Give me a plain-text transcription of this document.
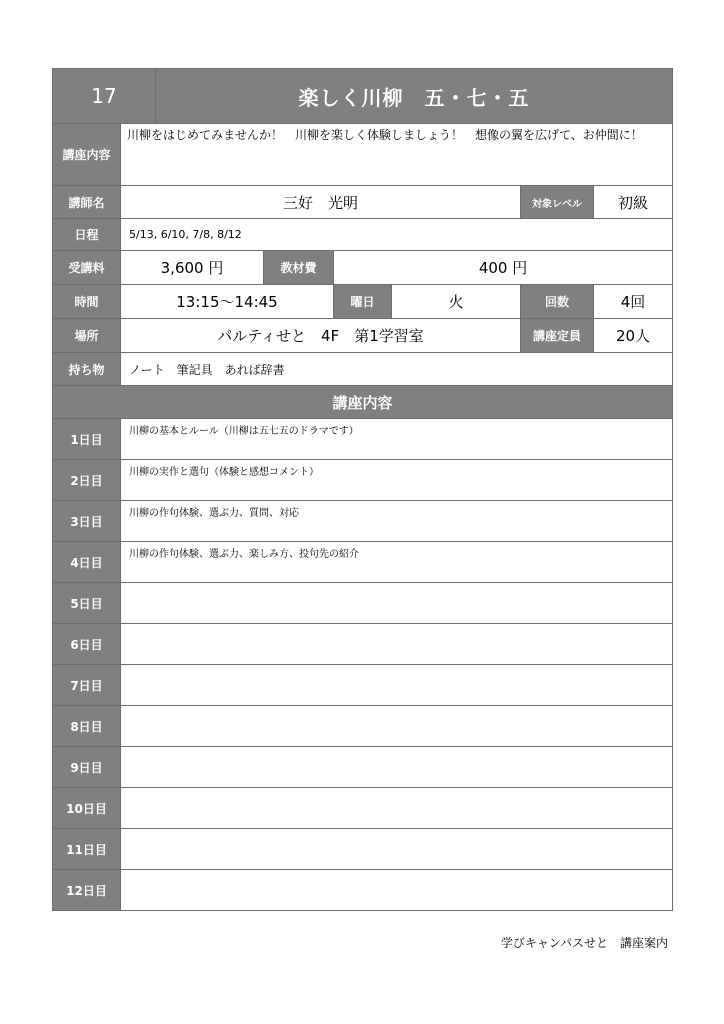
17		楽しく川柳　五・七・五					
講座内容	川柳をはじめてみませんか！　川柳を楽しく体験しましょう！　想像の翼を広げて、お仲間に！						
講師名	三好　光明					対象レベル	初級
日程	5/13, 6/10, 7/8, 8/12						
受講料	3,600 円		教材費	400 円			
時間	13:15～14:45			曜日	火	回数	4回
場所	パルティせと　4F　第1学習室					講座定員	20人
持ち物	ノート　筆記具　あれば辞書						
講座内容							
1日目	川柳の基本とルール（川柳は五七五のドラマです）						
2日目	川柳の実作と選句（体験と感想コメント）						
3日目	川柳の作句体験、選ぶ力、質問、対応						
4日目	川柳の作句体験、選ぶ力、楽しみ方、投句先の紹介						
5日目							
6日目							
7日目							
8日目							
9日目							
10日目							
11日目							
12日目							
学びキャンパスせと　講座案内
